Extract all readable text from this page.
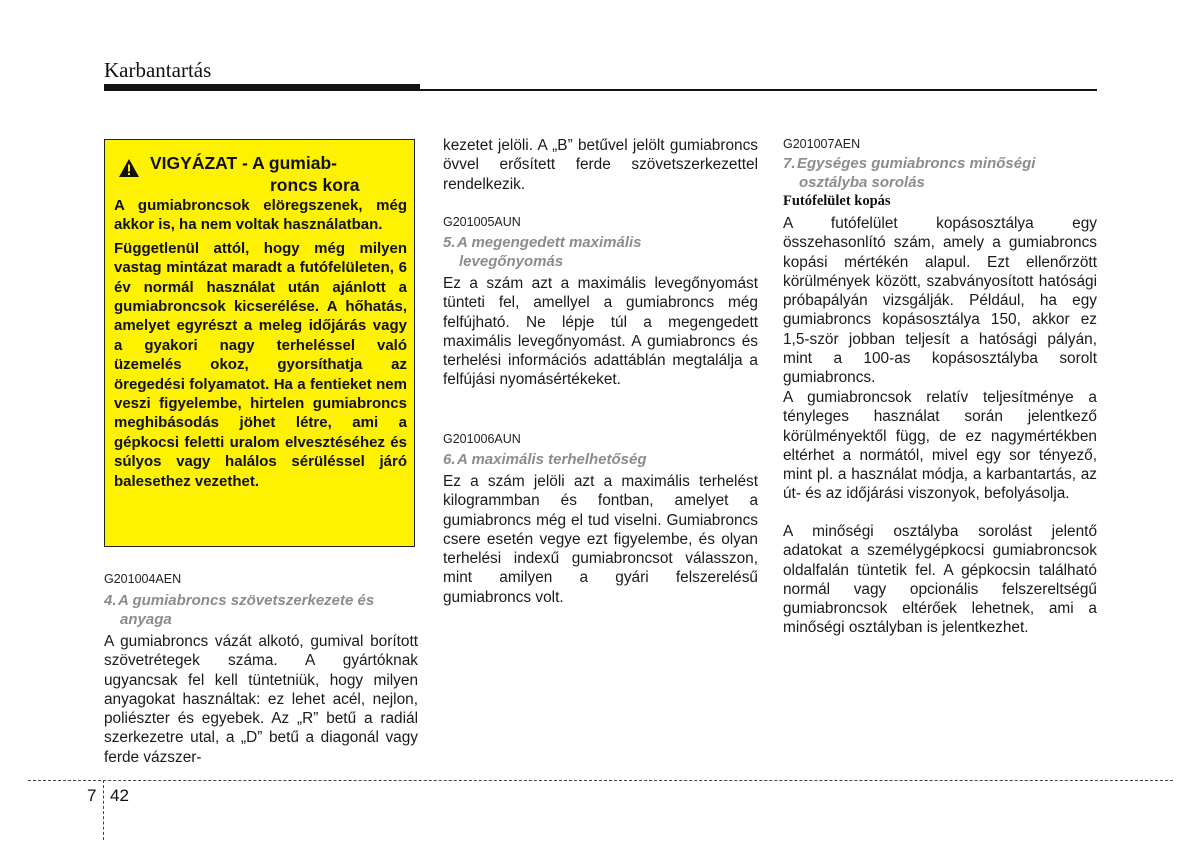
Karbantartás
VIGYÁZAT - A gumiab-
roncs kora

A gumiabroncsok elöregszenek, még akkor is, ha nem voltak használatban.

Függetlenül attól, hogy még milyen vastag mintázat maradt a futófelületen, 6 év normál használat után ajánlott a gumiabroncsok kicserélése. A hőhatás, amelyet egyrészt a meleg időjárás vagy a gyakori nagy terheléssel való üzemelés okoz, gyorsíthatja az öregedési folyamatot. Ha a fentieket nem veszi figyelembe, hirtelen gumiabroncs meghibásodás jöhet létre, ami a gépkocsi feletti uralom elvesztéséhez és súlyos vagy halálos sérüléssel járó balesethez vezethet.

G201004AEN
4.A gumiabroncs szövetszerkezete és
anyaga

A gumiabroncs vázát alkotó, gumival borított szövetrétegek száma. A gyártóknak ugyancsak fel kell tüntetniük, hogy milyen anyagokat használtak: ez lehet acél, nejlon, poliészter és egyebek. Az „R” betű a radiál szerkezetre utal, a „D” betű a diagonál vagy ferde vázszer-

kezetet jelöli. A „B” betűvel jelölt gumiabroncs övvel erősített ferde szövetszerkezettel rendelkezik.

G201005AUN
5.A megengedett maximális
levegőnyomás

Ez a szám azt a maximális levegőnyomást tünteti fel, amellyel a gumiabroncs még felfújható. Ne lépje túl a megengedett maximális levegőnyomást. A gumiabroncs és terhelési információs adattáblán megtalálja a felfújási nyomásértékeket.

G201006AUN
6.A maximális terhelhetőség

Ez a szám jelöli azt a maximális terhelést kilogrammban és fontban, amelyet a gumiabroncs még el tud viselni. Gumiabroncs csere esetén vegye ezt figyelembe, és olyan terhelési indexű gumiabroncsot válasszon, mint amilyen a gyári felszerelésű gumiabroncs volt.

G201007AEN
7.Egységes gumiabroncs minőségi
osztályba sorolás
Futófelület kopás

A futófelület kopásosztálya egy összehasonlító szám, amely a gumiabroncs kopási mértékén alapul. Ezt ellenőrzött körülmények között, szabványosított hatósági próbapályán vizsgálják. Például, ha egy gumiabroncs kopásosztálya 150, akkor ez 1,5-ször jobban teljesít a hatósági pályán, mint a 100-as kopásosztályba sorolt gumiabroncs.

A gumiabroncsok relatív teljesítménye a tényleges használat során jelentkező körülményektől függ, de ez nagymértékben eltérhet a normától, mivel egy sor tényező, mint pl. a használat módja, a karbantartás, az út- és az időjárási viszonyok, befolyásolja.

A minőségi osztályba sorolást jelentő adatokat a személygépkocsi gumiabroncsok oldalfalán tüntetik fel. A gépkocsin található normál vagy opcionális felszereltségű gumiabroncsok eltérőek lehetnek, ami a minőségi osztályban is jelentkezhet.

7 42
